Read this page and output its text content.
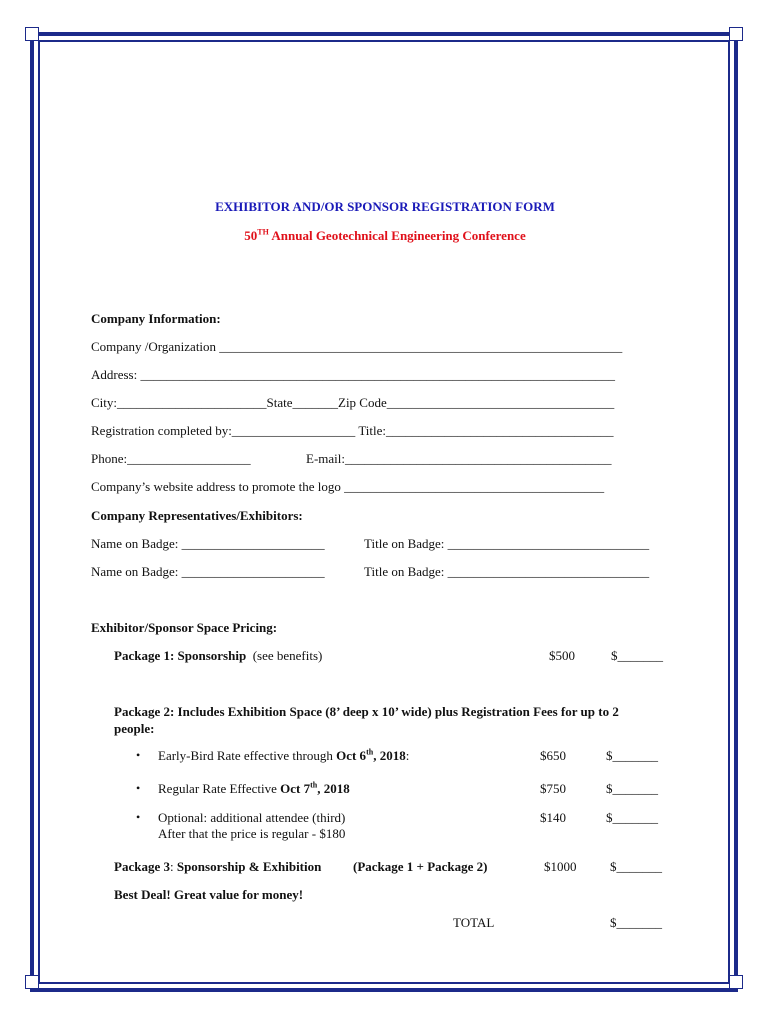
EXHIBITOR AND/OR SPONSOR REGISTRATION FORM
50TH Annual Geotechnical Engineering Conference
Company Information:
Company /Organization ______________________________________________________________
Address: _________________________________________________________________________
City:_______________________State_______Zip Code___________________________________
Registration completed by:___________________ Title:___________________________________
Phone:___________________	E-mail:_________________________________________
Company’s website address to promote the logo ________________________________________
Company Representatives/Exhibitors:
Name on Badge: ______________________	Title on Badge: _______________________________
Name on Badge: ______________________	Title on Badge: _______________________________
Exhibitor/Sponsor Space Pricing:
Package 1: Sponsorship (see benefits)	$500	$_______
Package 2: Includes Exhibition Space (8’ deep x 10’ wide) plus Registration Fees for up to 2
people:
• Early-Bird Rate effective through Oct 6th, 2018:	$650	$_______
• Regular Rate Effective Oct 7th, 2018	$750	$_______
• Optional: additional attendee (third)
After that the price is regular - $180
$140	$_______
Package 3: Sponsorship & Exhibition (Package 1 + Package 2)	$1000	$_______
Best Deal! Great value for money!
TOTAL	$_______
